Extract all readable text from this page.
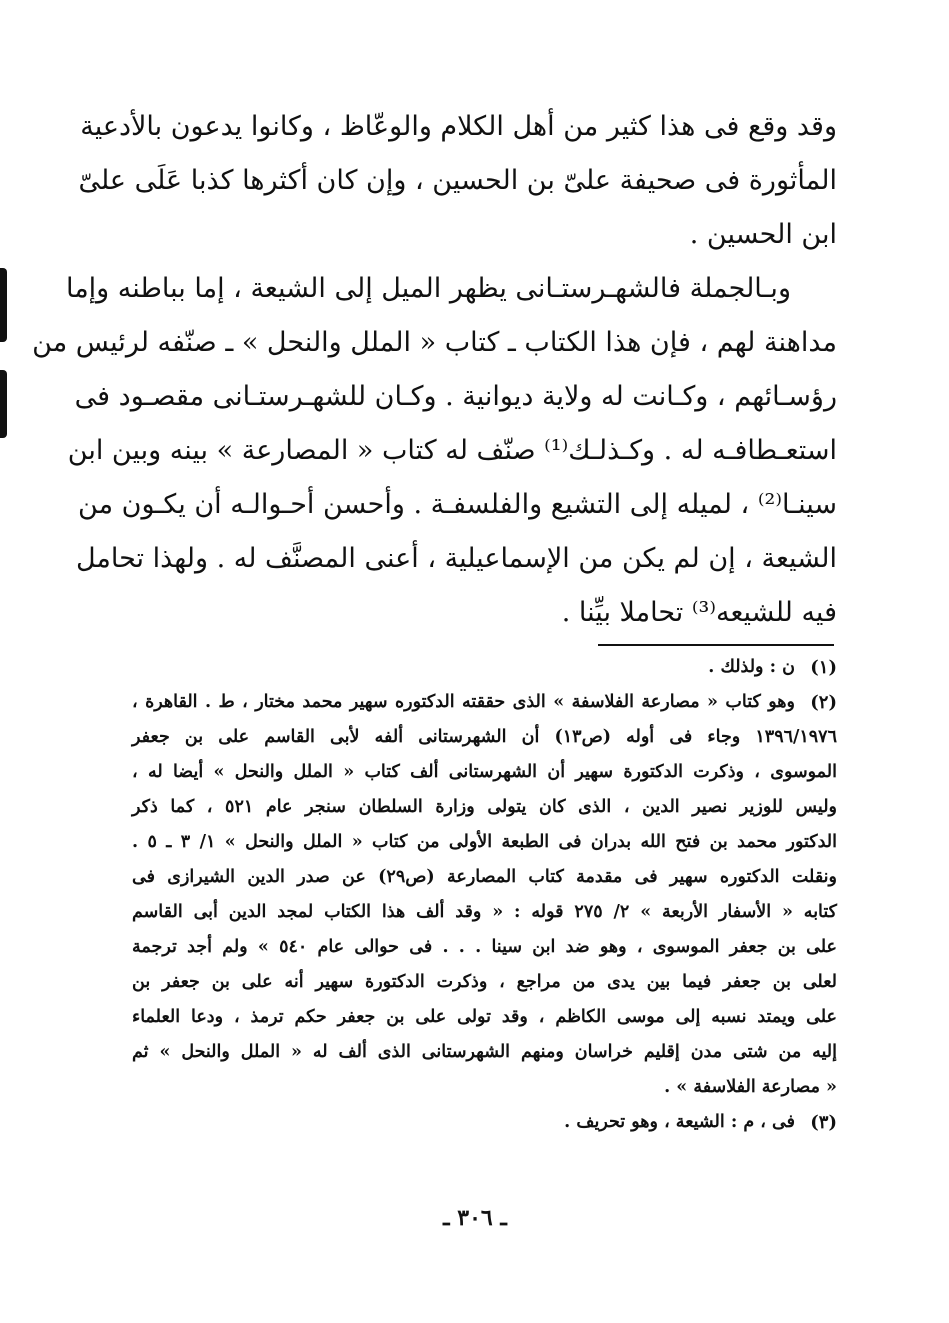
وقد وقع فى هذا كثير من أهل الكلام والوعّاظ ، وكانوا يدعون بالأدعية
المأثورة فى صحيفة علىّ بن الحسين ، وإن كان أكثرها كذبا عَلَى علىّ
ابن الحسين .
وبـالجملة فالشهـرستـانى يظهر الميل إلى الشيعة ، إما بباطنه وإما
مداهنة لهم ، فإن هذا الكتاب ـ كتاب « الملل والنحل » ـ صنّفه لرئيس من
رؤسـائهم ، وكـانت له ولاية ديوانية . وكـان للشهـرستـانى مقصـود فى
استعـطافـه له . وكـذلـك⁽¹⁾ صنّف له كتاب « المصارعة » بينه وبين ابن
سينـا⁽²⁾ ، لميله إلى التشيع والفلسفـة . وأحسن أحـوالـه أن يكـون من
الشيعة ، إن لم يكن من الإسماعيلية ، أعنى المصنَّف له . ولهذا تحامل
فيه للشيعه⁽³⁾ تحاملا بيِّنا .
(١)
ن : ولذلك .
(٢)
وهو كتاب « مصارعة الفلاسفة » الذى حققته الدكتوره سهير محمد مختار ، ط . القاهرة ،
١٣٩٦/١٩٧٦ وجاء فى أوله (ص١٣) أن الشهرستانى ألفه لأبى القاسم على بن جعفر
الموسوى ، وذكرت الدكتورة سهير أن الشهرستانى ألف كتاب « الملل والنحل » أيضا له ،
وليس للوزير نصير الدين ، الذى كان يتولى وزارة السلطان سنجر عام ٥٢١ ، كما ذكر
الدكتور محمد بن فتح الله بدران فى الطبعة الأولى من كتاب « الملل والنحل » ١/ ٣ ـ ٥ .
ونقلت الدكتوره سهير فى مقدمة كتاب المصارعة (ص٢٩) عن صدر الدين الشيرازى فى
كتابه « الأسفار الأربعة » ٢/ ٢٧٥ قوله : « وقد ألف هذا الكتاب لمجد الدين أبى القاسم
على بن جعفر الموسوى ، وهو ضد ابن سينا . . . فى حوالى عام ٥٤٠ » ولم أجد ترجمة
لعلى بن جعفر فيما بين يدى من مراجع ، وذكرت الدكتورة سهير أنه على بن جعفر بن
على ويمتد نسبه إلى موسى الكاظم ، وقد تولى على بن جعفر حكم ترمذ ، ودعا العلماء
إليه من شتى مدن إقليم خراسان ومنهم الشهرستانى الذى ألف له « الملل والنحل » ثم
« مصارعة الفلاسفة » .
(٣)
فى ، م : الشيعة ، وهو تحريف .
ـ ٣٠٦ ـ
